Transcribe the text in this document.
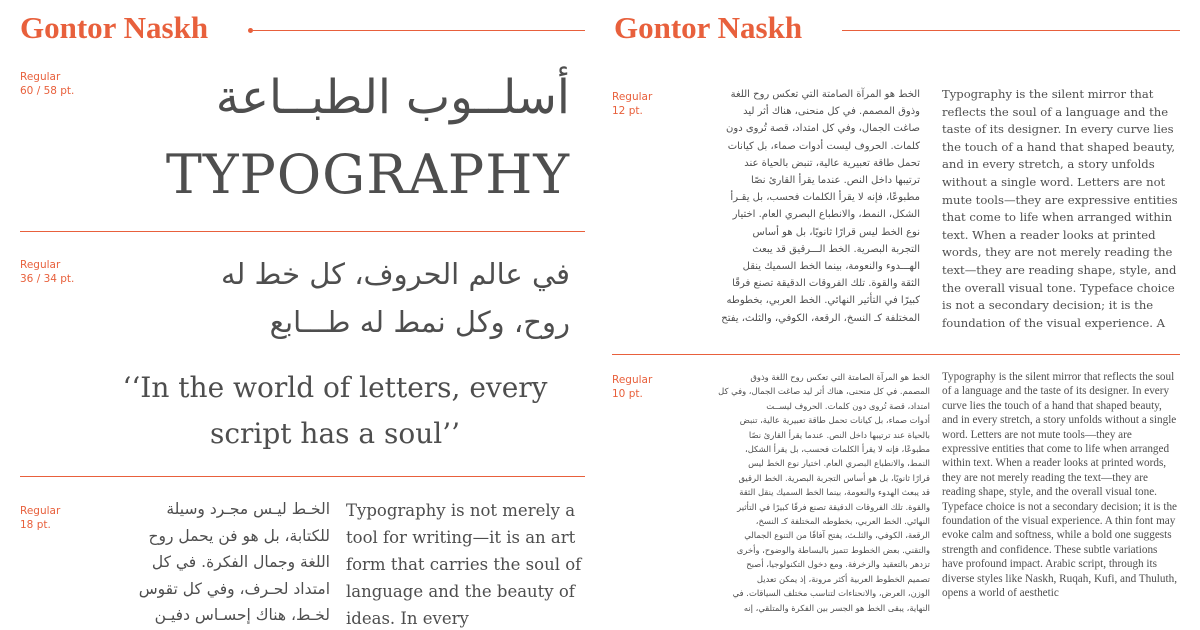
Gontor Naskh
Regular
60 / 58 pt.	أسلــوب الطبــاعة
TYPOGRAPHY
Regular
36 / 34 pt.	في عالم الحروف، كل خط له
روح، وكل نمط له طـــابع
‘‘In the world of letters, every
script has a soul’’
Regular
18 pt.
الخـط ليـس مجـرد وسيلة
للكتابة، بل هو فن يحمل روح
اللغة وجمال الفكرة. في كل
امتداد لحـرف، وفي كل تقوس
لخـط، هناك إحسـاس دفيـن
Typography is not merely a tool for writing—it is an art form that carries the soul of language and the beauty of ideas. In every
Gontor Naskh
Regular
12 pt.
الخط هو المرآة الصامتة التي تعكس روح اللغة
وذوق المصمم. في كل منحنى، هناك أثر ليد
صاغت الجمال، وفي كل امتداد، قصة تُروى دون
كلمات. الحروف ليست أدوات صماء، بل كيانات
تحمل طاقة تعبيرية عالية، تنبض بالحياة عند
ترتيبها داخل النص. عندما يقرأ القارئ نصًا
مطبوعًا، فإنه لا يقرأ الكلمات فحسب، بل يقـرأ
الشكل، النمط، والانطباع البصري العام. اختيار
نوع الخط ليس قرارًا ثانويًا، بل هو أساس
التجربة البصرية. الخط الـــرقيق قد يبعث
الهـــدوء والنعومة، بينما الخط السميك ينقل
الثقة والقوة. تلك الفروقات الدقيقة تصنع فرقًا
كبيرًا في التأثير النهائي. الخط العربي، بخطوطه
المختلفة كـ النسخ، الرقعة، الكوفي، والثلث، يفتح
Typography is the silent mirror that reflects the soul of a language and the taste of its designer. In every curve lies the touch of a hand that shaped beauty, and in every stretch, a story unfolds without a single word. Letters are not mute tools—they are expressive entities that come to life when arranged within text. When a reader looks at printed words, they are not merely reading the text—they are reading shape, style, and the overall visual tone. Typeface choice is not a secondary decision; it is the foundation of the visual experience. A
Regular
10 pt.
الخط هو المرآة الصامتة التي تعكس روح اللغة وذوق
المصمم. في كل منحنى، هناك أثر ليد صاغت الجمال، وفي كل
امتداد، قصة تُروى دون كلمات. الحروف ليســت
أدوات صماء، بل كيانات تحمل طاقة تعبيرية عالية، تنبض
بالحياة عند ترتيبها داخل النص. عندما يقرأ القارئ نصًا
مطبوعًا، فإنه لا يقرأ الكلمات فحسب، بل يقرأ الشكل،
النمط، والانطباع البصري العام. اختيار نوع الخط ليس
قرارًا ثانويًا، بل هو أساس التجربة البصرية. الخط الرقيق
قد يبعث الهدوء والنعومة، بينما الخط السميك ينقل الثقة
والقوة. تلك الفروقات الدقيقة تصنع فرقًا كبيرًا في التأثير
النهائي. الخط العربي، بخطوطه المختلفة كـ النسخ،
الرقعة، الكوفي، والثلـث، يفتح آفاقًا من التنوع الجمالي
والتقني. بعض الخطوط تتميز بالبساطة والوضوح، وأخرى
تزدهر بالتعقيد والزخرفة. ومع دخول التكنولوجيا، أصبح
تصميم الخطوط العربية أكثر مرونة، إذ يمكن تعديل
الوزن، العرض، والانحناءات لتناسب مختلف السياقات. في
النهاية، يبقى الخط هو الجسر بين الفكرة والمتلقي، إنه
Typography is the silent mirror that reflects the soul of a language and the taste of its designer. In every curve lies the touch of a hand that shaped beauty, and in every stretch, a story unfolds without a single word. Letters are not mute tools—they are expressive entities that come to life when arranged within text. When a reader looks at printed words, they are not merely reading the text—they are reading shape, style, and the overall visual tone. Typeface choice is not a secondary decision; it is the foundation of the visual experience. A thin font may evoke calm and softness, while a bold one suggests strength and confidence. These subtle variations have profound impact. Arabic script, through its diverse styles like Naskh, Ruqah, Kufi, and Thuluth, opens a world of aesthetic
